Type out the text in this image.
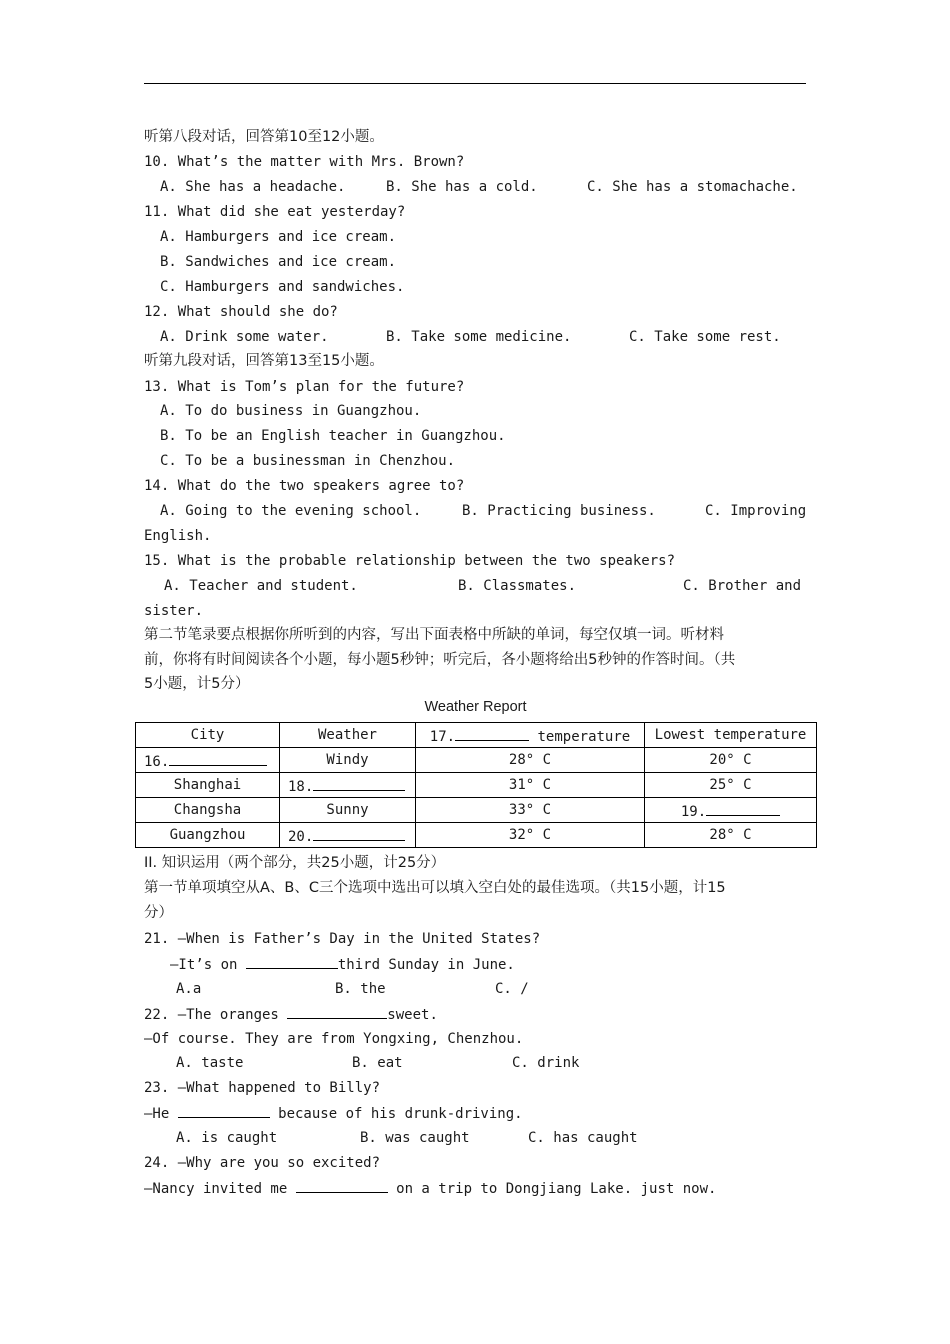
听第八段对话，回答第10至12小题。
10. What’s the matter with Mrs. Brown?
A. She has a headache.	B. She has a cold.	C. She has a stomachache.
11. What did she eat yesterday?
A. Hamburgers and ice cream.
B. Sandwiches and ice cream.
C. Hamburgers and sandwiches.
12. What should she do?
A. Drink some water.	B. Take some medicine.	C. Take some rest.
听第九段对话，回答第13至15小题。
13. What is Tom’s plan for the future?
A. To do business in Guangzhou.
B. To be an English teacher in Guangzhou.
C. To be a businessman in Chenzhou.
14. What do the two speakers agree to?
A. Going to the evening school.	B. Practicing business.	C. Improving
English.
15. What is the probable relationship between the two speakers?
A. Teacher and student.	B. Classmates.	C. Brother and
sister.
第二节笔录要点根据你所听到的内容，写出下面表格中所缺的单词，每空仅填一词。听材料
前，你将有时间阅读各个小题，每小题5秒钟；听完后，各小题将给出5秒钟的作答时间。（共
5小题，计5分）
Weather Report
City	Weather	17. temperature	Lowest temperature
16.	Windy	28° C	20° C
Shanghai	18.	31° C	25° C
Changsha	Sunny	33° C	19.
Guangzhou	20.	32° C	28° C
II. 知识运用（两个部分，共25小题，计25分）
第一节单项填空从A、B、C三个选项中选出可以填入空白处的最佳选项。（共15小题，计15
分）
21. —When is Father’s Day in the United States?
—It’s on	third Sunday in June.
A.a	B. the	C. /
22. —The oranges	sweet.
—Of course. They are from Yongxing, Chenzhou.
A. taste	B. eat	C. drink
23. —What happened to Billy?
—He	because of his drunk-driving.
A. is caught	B. was caught	C. has caught
24. —Why are you so excited?
—Nancy invited me	on a trip to Dongjiang Lake. just now.
